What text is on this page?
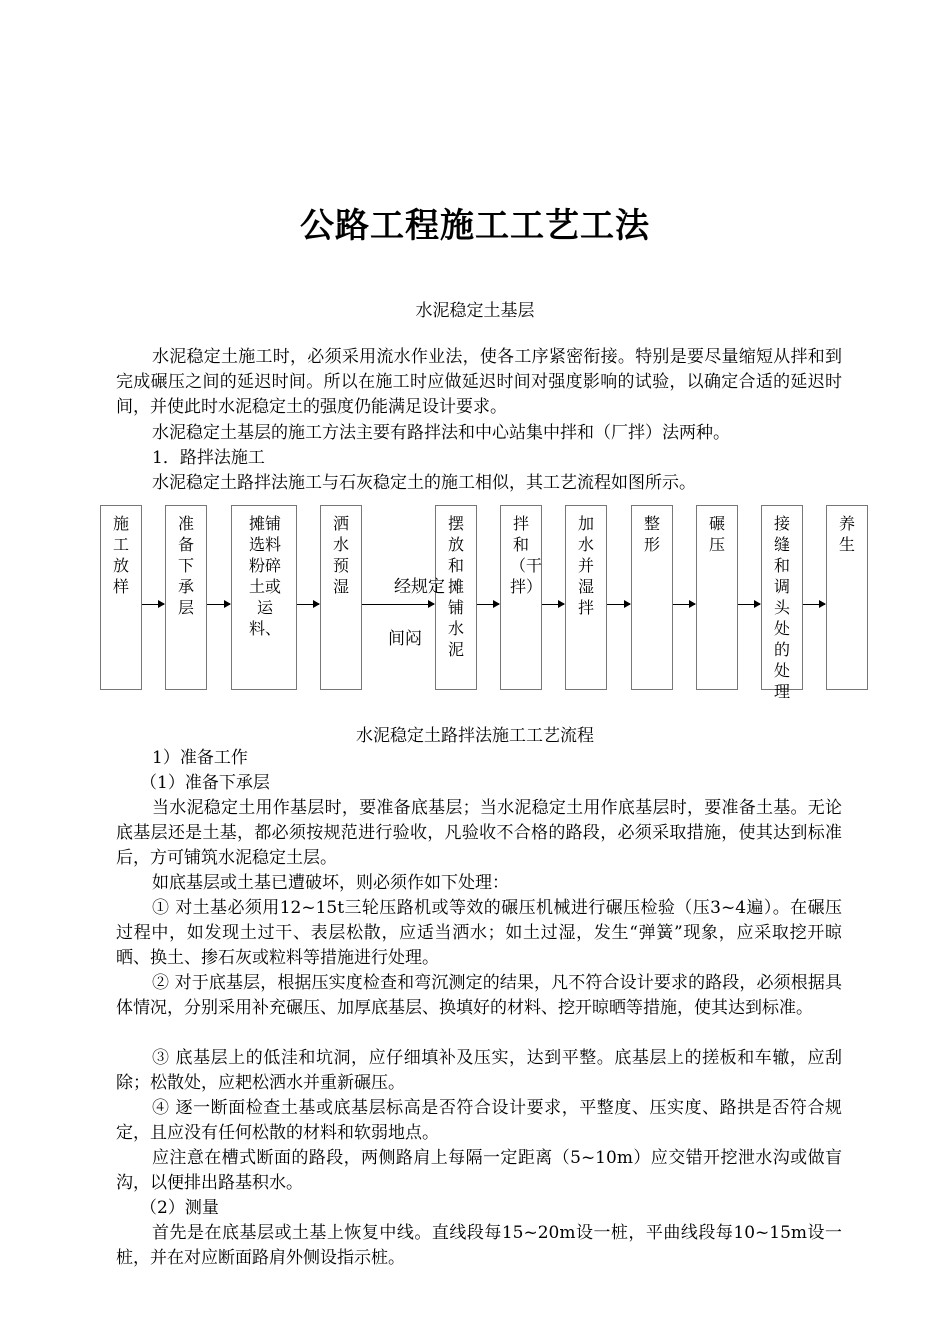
公路工程施工工艺工法
水泥稳定土基层
水泥稳定土施工时，必须采用流水作业法，使各工序紧密衔接。特别是要尽量缩短从拌和到完成碾压之间的延迟时间。所以在施工时应做延迟时间对强度影响的试验，以确定合适的延迟时间，并使此时水泥稳定土的强度仍能满足设计要求。
水泥稳定土基层的施工方法主要有路拌法和中心站集中拌和（厂拌）法两种。
1．路拌法施工
水泥稳定土路拌法施工与石灰稳定土的施工相似，其工艺流程如图所示。
施工放样
准备下承层
摊铺选料粉碎土或运料、
洒水预湿
摆放和摊铺水泥
拌和（干拌）
加水并湿拌
整形
碾压
接缝和调头处的处理
养生
经规定
间闷
水泥稳定土路拌法施工工艺流程
1）准备工作
（1）准备下承层
当水泥稳定土用作基层时，要准备底基层；当水泥稳定土用作底基层时，要准备土基。无论底基层还是土基，都必须按规范进行验收，凡验收不合格的路段，必须采取措施，使其达到标准后，方可铺筑水泥稳定土层。
如底基层或土基已遭破坏，则必须作如下处理：
① 对土基必须用12~15t三轮压路机或等效的碾压机械进行碾压检验（压3~4遍）。在碾压过程中，如发现土过干、表层松散，应适当洒水；如土过湿，发生“弹簧”现象，应采取挖开晾晒、换土、掺石灰或粒料等措施进行处理。
② 对于底基层，根据压实度检查和弯沉测定的结果，凡不符合设计要求的路段，必须根据具体情况，分别采用补充碾压、加厚底基层、换填好的材料、挖开晾晒等措施，使其达到标准。
③ 底基层上的低洼和坑洞，应仔细填补及压实，达到平整。底基层上的搓板和车辙，应刮除；松散处，应耙松洒水并重新碾压。
④ 逐一断面检查土基或底基层标高是否符合设计要求，平整度、压实度、路拱是否符合规定，且应没有任何松散的材料和软弱地点。
应注意在槽式断面的路段，两侧路肩上每隔一定距离（5~10m）应交错开挖泄水沟或做盲沟，以便排出路基积水。
（2）测量
首先是在底基层或土基上恢复中线。直线段每15~20m设一桩，平曲线段每10~15m设一桩，并在对应断面路肩外侧设指示桩。
